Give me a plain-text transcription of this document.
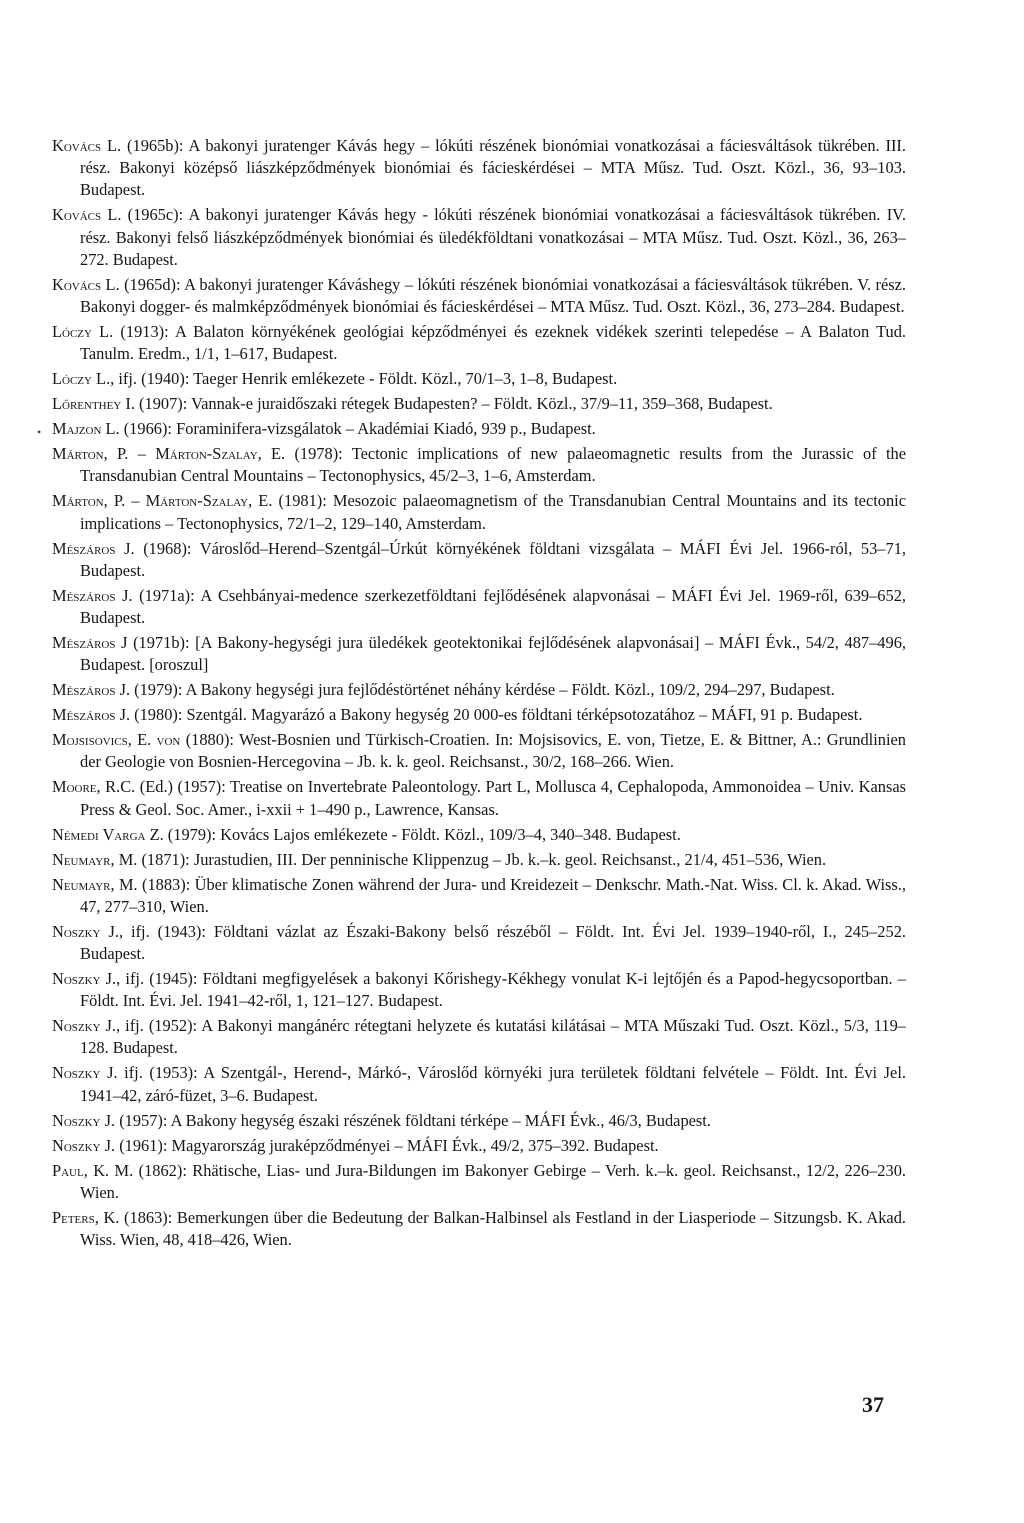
•

Kovács L. (1965b): A bakonyi juratenger Kávás hegy – lókúti részének bionómiai vonatkozásai a fáciesváltások tükrében. III. rész. Bakonyi középső liászképződmények bionómiai és fácieskérdései – MTA Műsz. Tud. Oszt. Közl., 36, 93–103. Budapest.

Kovács L. (1965c): A bakonyi juratenger Kávás hegy - lókúti részének bionómiai vonatkozásai a fáciesváltások tükrében. IV. rész. Bakonyi felső liászképződmények bionómiai és üledékföldtani vonatkozásai – MTA Műsz. Tud. Oszt. Közl., 36, 263–272. Budapest.

Kovács L. (1965d): A bakonyi juratenger Káváshegy – lókúti részének bionómiai vonatkozásai a fáciesváltások tükrében. V. rész. Bakonyi dogger- és malmképződmények bionómiai és fácieskérdései – MTA Műsz. Tud. Oszt. Közl., 36, 273–284. Budapest.

Lóczy L. (1913): A Balaton környékének geológiai képződményei és ezeknek vidékek szerinti telepedése – A Balaton Tud. Tanulm. Eredm., 1/1, 1–617, Budapest.

Lóczy L., ifj. (1940): Taeger Henrik emlékezete - Földt. Közl., 70/1–3, 1–8, Budapest.

Lőrenthey I. (1907): Vannak-e juraidőszaki rétegek Budapesten? – Földt. Közl., 37/9–11, 359–368, Budapest.

Majzon L. (1966): Foraminifera-vizsgálatok – Akadémiai Kiadó, 939 p., Budapest.

Márton, P. – Márton-Szalay, E. (1978): Tectonic implications of new palaeomagnetic results from the Jurassic of the Transdanubian Central Mountains – Tectonophysics, 45/2–3, 1–6, Amsterdam.

Márton, P. – Márton-Szalay, E. (1981): Mesozoic palaeomagnetism of the Transdanubian Central Mountains and its tectonic implications – Tectonophysics, 72/1–2, 129–140, Amsterdam.

Mészáros J. (1968): Városlőd–Herend–Szentgál–Úrkút környékének földtani vizsgálata – MÁFI Évi Jel. 1966-ról, 53–71, Budapest.

Mészáros J. (1971a): A Csehbányai-medence szerkezetföldtani fejlődésének alapvonásai – MÁFI Évi Jel. 1969-ről, 639–652, Budapest.

Mészáros J (1971b): [A Bakony-hegységi jura üledékek geotektonikai fejlődésének alapvonásai] – MÁFI Évk., 54/2, 487–496, Budapest. [oroszul]

Mészáros J. (1979): A Bakony hegységi jura fejlődéstörténet néhány kérdése – Földt. Közl., 109/2, 294–297, Budapest.

Mészáros J. (1980): Szentgál. Magyarázó a Bakony hegység 20 000-es földtani térképsotozatához – MÁFI, 91 p. Budapest.

Mojsisovics, E. von (1880): West-Bosnien und Türkisch-Croatien. In: Mojsisovics, E. von, Tietze, E. & Bittner, A.: Grundlinien der Geologie von Bosnien-Hercegovina – Jb. k. k. geol. Reichsanst., 30/2, 168–266. Wien.

Moore, R.C. (Ed.) (1957): Treatise on Invertebrate Paleontology. Part L, Mollusca 4, Cephalopoda, Ammonoidea – Univ. Kansas Press & Geol. Soc. Amer., i-xxii + 1–490 p., Lawrence, Kansas.

Némedi Varga Z. (1979): Kovács Lajos emlékezete - Földt. Közl., 109/3–4, 340–348. Budapest.

Neumayr, M. (1871): Jurastudien, III. Der penninische Klippenzug – Jb. k.–k. geol. Reichsanst., 21/4, 451–536, Wien.

Neumayr, M. (1883): Über klimatische Zonen während der Jura- und Kreidezeit – Denkschr. Math.-Nat. Wiss. Cl. k. Akad. Wiss., 47, 277–310, Wien.

Noszky J., ifj. (1943): Földtani vázlat az Északi-Bakony belső részéből – Földt. Int. Évi Jel. 1939–1940-ről, I., 245–252. Budapest.

Noszky J., ifj. (1945): Földtani megfigyelések a bakonyi Kőrishegy-Kékhegy vonulat K-i lejtőjén és a Papod-hegycsoportban. – Földt. Int. Évi. Jel. 1941–42-ről, 1, 121–127. Budapest.

Noszky J., ifj. (1952): A Bakonyi mangánérc rétegtani helyzete és kutatási kilátásai – MTA Műszaki Tud. Oszt. Közl., 5/3, 119–128. Budapest.

Noszky J. ifj. (1953): A Szentgál-, Herend-, Márkó-, Városlőd környéki jura területek földtani felvétele – Földt. Int. Évi Jel. 1941–42, záró-füzet, 3–6. Budapest.

Noszky J. (1957): A Bakony hegység északi részének földtani térképe – MÁFI Évk., 46/3, Budapest.

Noszky J. (1961): Magyarország juraképződményei – MÁFI Évk., 49/2, 375–392. Budapest.

Paul, K. M. (1862): Rhätische, Lias- und Jura-Bildungen im Bakonyer Gebirge – Verh. k.–k. geol. Reichsanst., 12/2, 226–230. Wien.

Peters, K. (1863): Bemerkungen über die Bedeutung der Balkan-Halbinsel als Festland in der Liasperiode – Sitzungsb. K. Akad. Wiss. Wien, 48, 418–426, Wien.

37
